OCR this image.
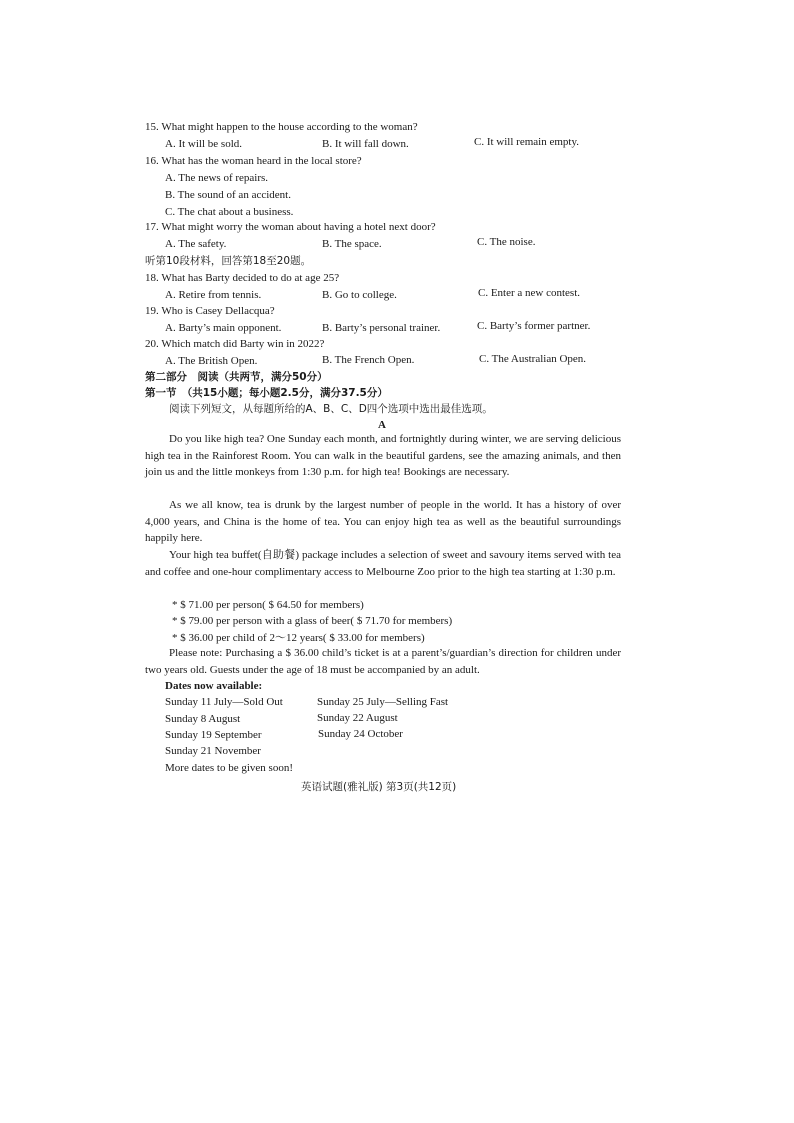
15. What might happen to the house according to the woman?
A. It will be sold.	B. It will fall down.	C. It will remain empty.
16. What has the woman heard in the local store?
A. The news of repairs.
B. The sound of an accident.
C. The chat about a business.
17. What might worry the woman about having a hotel next door?
A. The safety.	B. The space.	C. The noise.
听第10段材料，回答第18至20题。
18. What has Barty decided to do at age 25?
A. Retire from tennis.	B. Go to college.	C. Enter a new contest.
19. Who is Casey Dellacqua?
A. Barty’s main opponent.	B. Barty’s personal trainer.	C. Barty’s former partner.
20. Which match did Barty win in 2022?
A. The British Open.	B. The French Open.	C. The Australian Open.
第二部分　阅读（共两节，满分50分）
第一节　（共15小题；每小题2.5分，满分37.5分）
阅读下列短文，从每题所给的A、B、C、D四个选项中选出最佳选项。
A

Do you like high tea? One Sunday each month, and fortnightly during winter, we are serving delicious high tea in the Rainforest Room. You can walk in the beautiful gardens, see the amazing animals, and then join us and the little monkeys from 1:30 p.m. for high tea! Bookings are necessary.

As we all know, tea is drunk by the largest number of people in the world. It has a history of over 4,000 years, and China is the home of tea. You can enjoy high tea as well as the beautiful surroundings happily here.

Your high tea buffet(自助餐) package includes a selection of sweet and savoury items served with tea and coffee and one-hour complimentary access to Melbourne Zoo prior to the high tea starting at 1:30 p.m.

* $ 71.00 per person( $ 64.50 for members)
* $ 79.00 per person with a glass of beer( $ 71.70 for members)
* $ 36.00 per child of 2～12 years( $ 33.00 for members)

Please note: Purchasing a $ 36.00 child’s ticket is at a parent’s/guardian’s direction for children under two years old. Guests under the age of 18 must be accompanied by an adult.

Dates now available:
Sunday 11 July—Sold Out	Sunday 25 July—Selling Fast
Sunday 8 August	Sunday 22 August
Sunday 19 September	Sunday 24 October
Sunday 21 November
More dates to be given soon!
英语试题(雅礼版) 第3页(共12页)
